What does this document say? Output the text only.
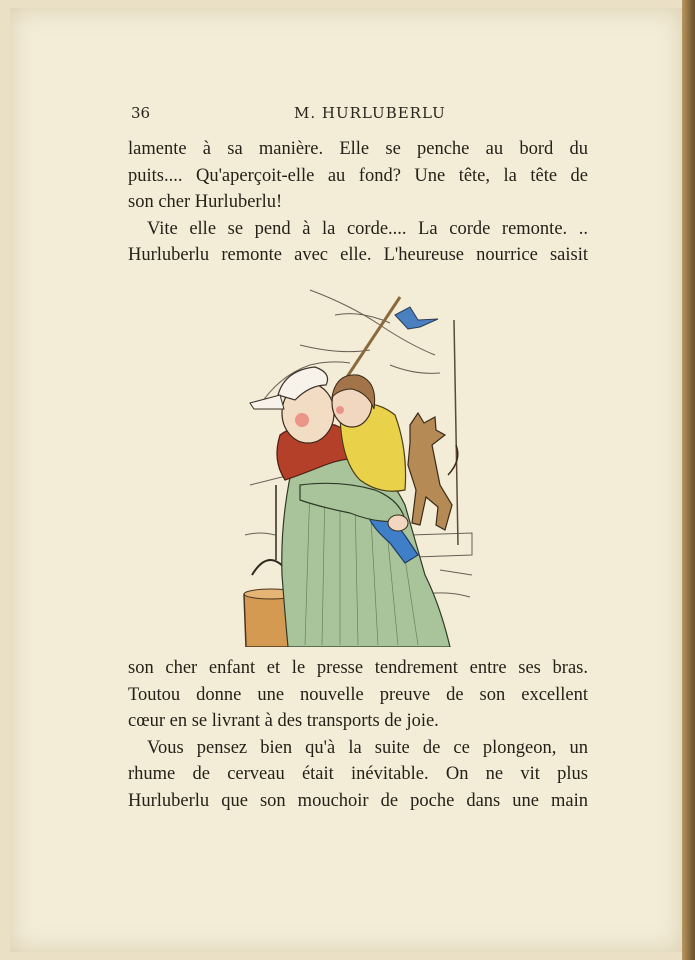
36	M. HURLUBERLU
lamente à sa manière. Elle se penche au bord du
puits.... Qu'aperçoit-elle au fond? Une tête, la tête de
son cher Hurluberlu!
Vite elle se pend à la corde.... La corde remonte. ..
Hurluberlu remonte avec elle. L'heureuse nourrice saisit
son cher enfant et le presse tendrement entre ses bras.
Toutou donne une nouvelle preuve de son excellent
cœur en se livrant à des transports de joie.
Vous pensez bien qu'à la suite de ce plongeon, un
rhume de cerveau était inévitable. On ne vit plus
Hurluberlu que son mouchoir de poche dans une main
